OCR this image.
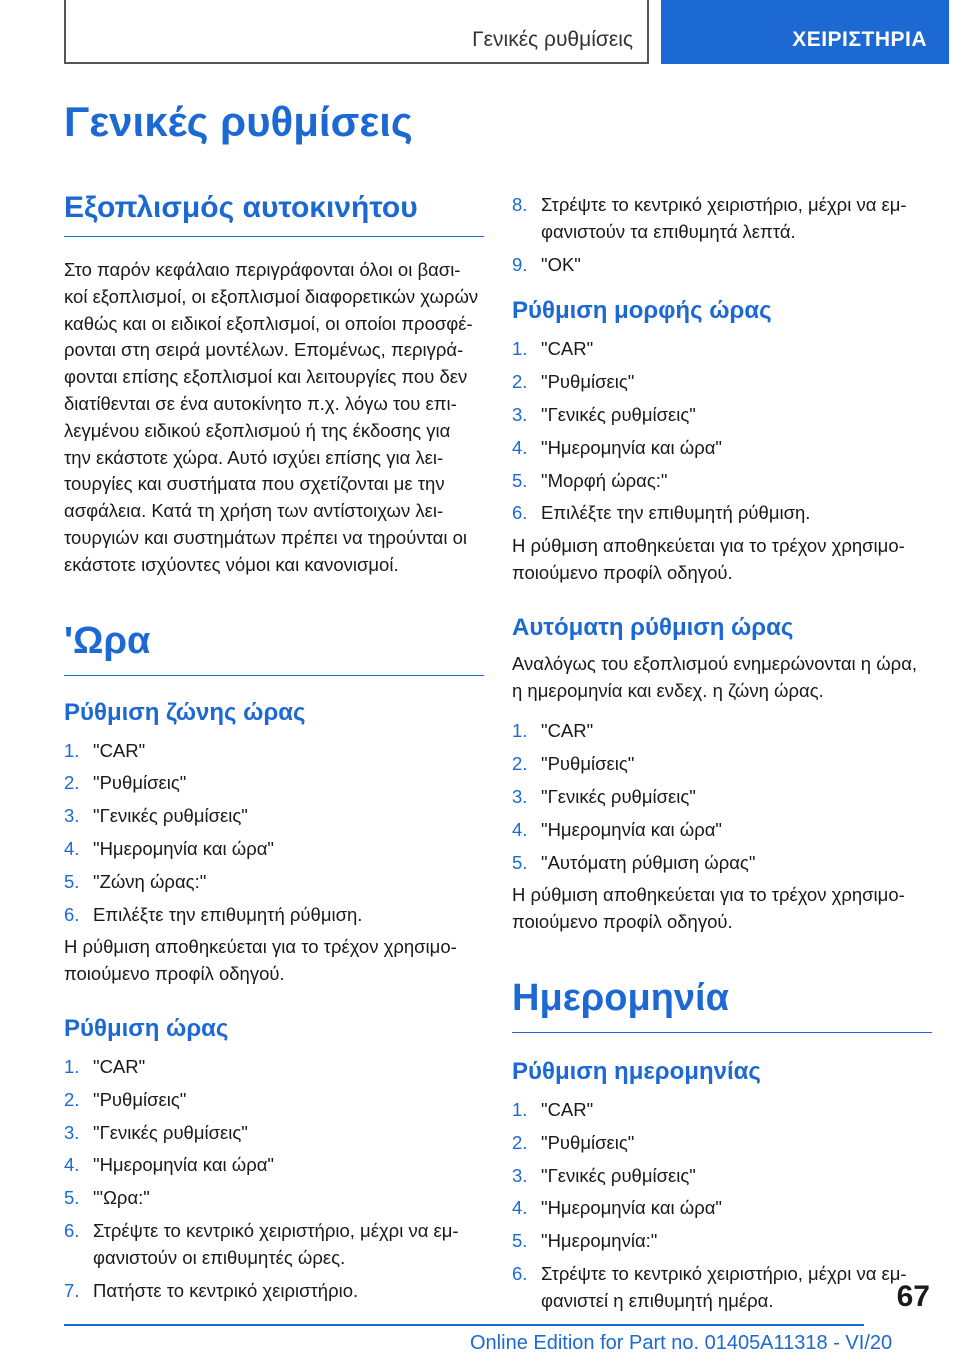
Γενικές ρυθμίσεις	ΧΕΙΡΙΣΤΗΡΙΑ
Γενικές ρυθμίσεις
Εξοπλισμός αυτοκινήτου

Στο παρόν κεφάλαιο περιγράφονται όλοι οι βασι-
κοί εξοπλισμοί, οι εξοπλισμοί διαφορετικών χωρών
καθώς και οι ειδικοί εξοπλισμοί, οι οποίοι προσφέ-
ρονται στη σειρά μοντέλων. Επομένως, περιγρά-
φονται επίσης εξοπλισμοί και λειτουργίες που δεν
διατίθενται σε ένα αυτοκίνητο π.χ. λόγω του επι-
λεγμένου ειδικού εξοπλισμού ή της έκδοσης για
την εκάστοτε χώρα. Αυτό ισχύει επίσης για λει-
τουργίες και συστήματα που σχετίζονται με την
ασφάλεια. Κατά τη χρήση των αντίστοιχων λει-
τουργιών και συστημάτων πρέπει να τηρούνται οι
εκάστοτε ισχύοντες νόμοι και κανονισμοί.

'Ωρα
Ρύθμιση ζώνης ώρας
1. "CAR"
2. "Ρυθμίσεις"
3. "Γενικές ρυθμίσεις"
4. "Ημερομηνία και ώρα"
5. "Ζώνη ώρας:"
6. Επιλέξτε την επιθυμητή ρύθμιση.

Η ρύθμιση αποθηκεύεται για το τρέχον χρησιμο-
ποιούμενο προφίλ οδηγού.

Ρύθμιση ώρας
1. "CAR"
2. "Ρυθμίσεις"
3. "Γενικές ρυθμίσεις"
4. "Ημερομηνία και ώρα"
5. "'Ωρα:"
6. Στρέψτε το κεντρικό χειριστήριο, μέχρι να εμ-
φανιστούν οι επιθυμητές ώρες.
7. Πατήστε το κεντρικό χειριστήριο.
8. Στρέψτε το κεντρικό χειριστήριο, μέχρι να εμ-
φανιστούν τα επιθυμητά λεπτά.
9. "OK"
Ρύθμιση μορφής ώρας
1. "CAR"
2. "Ρυθμίσεις"
3. "Γενικές ρυθμίσεις"
4. "Ημερομηνία και ώρα"
5. "Μορφή ώρας:"
6. Επιλέξτε την επιθυμητή ρύθμιση.

Η ρύθμιση αποθηκεύεται για το τρέχον χρησιμο-
ποιούμενο προφίλ οδηγού.

Αυτόματη ρύθμιση ώρας

Αναλόγως του εξοπλισμού ενημερώνονται η ώρα,
η ημερομηνία και ενδεχ. η ζώνη ώρας.

1. "CAR"
2. "Ρυθμίσεις"
3. "Γενικές ρυθμίσεις"
4. "Ημερομηνία και ώρα"
5. "Αυτόματη ρύθμιση ώρας"

Η ρύθμιση αποθηκεύεται για το τρέχον χρησιμο-
ποιούμενο προφίλ οδηγού.

Ημερομηνία
Ρύθμιση ημερομηνίας
1. "CAR"
2. "Ρυθμίσεις"
3. "Γενικές ρυθμίσεις"
4. "Ημερομηνία και ώρα"
5. "Ημερομηνία:"
6. Στρέψτε το κεντρικό χειριστήριο, μέχρι να εμ-
φανιστεί η επιθυμητή ημέρα.	67
Online Edition for Part no. 01405A11318 - VI/20
